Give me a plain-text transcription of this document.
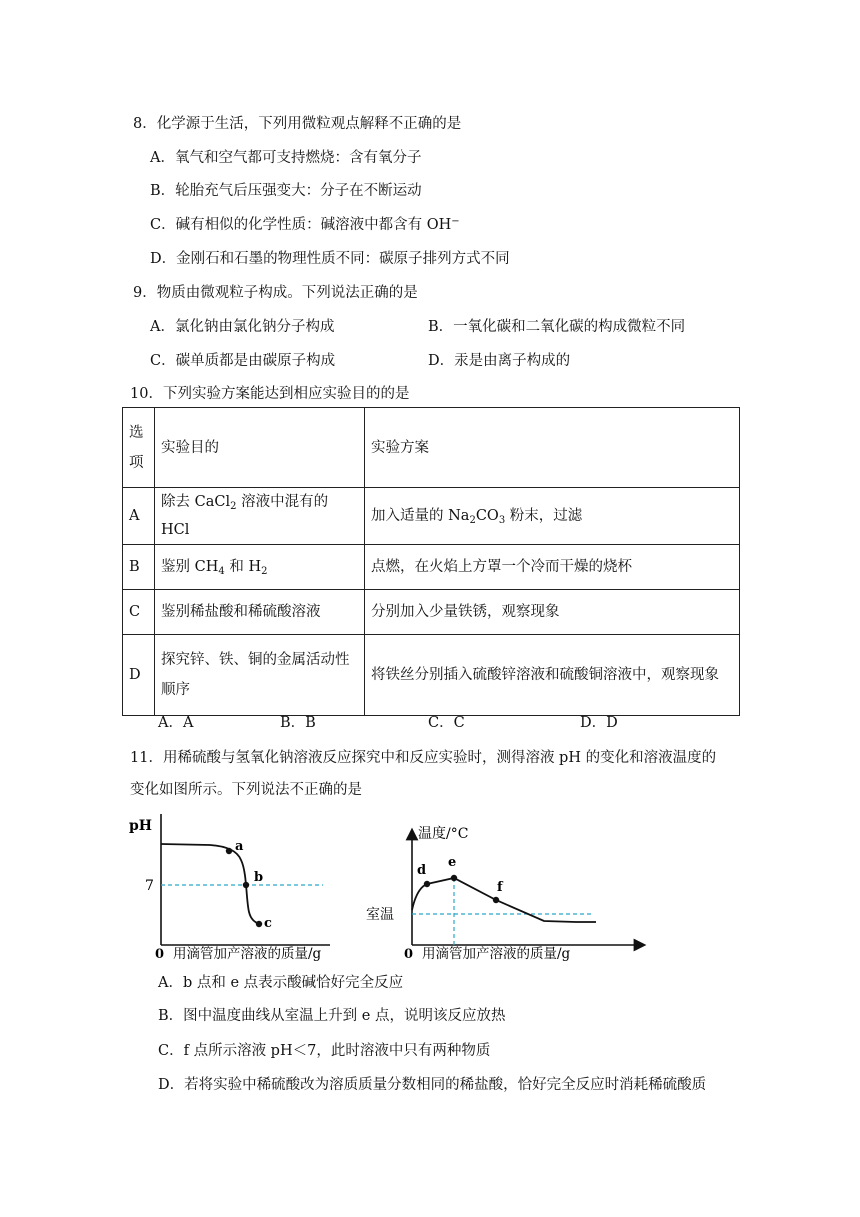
8．化学源于生活，下列用微粒观点解释不正确的是
A．氧气和空气都可支持燃烧：含有氧分子
B．轮胎充气后压强变大：分子在不断运动
C．碱有相似的化学性质：碱溶液中都含有 OH−
D．金刚石和石墨的物理性质不同：碳原子排列方式不同
9．物质由微观粒子构成。下列说法正确的是
A．氯化钠由氯化钠分子构成	B．一氧化碳和二氧化碳的构成微粒不同
C．碳单质都是由碳原子构成	D．汞是由离子构成的
10．下列实验方案能达到相应实验目的的是
选
项	实验目的	实验方案
A	除去 CaCl$_2$ 溶液中混有的 HCl	加入适量的 $Na_2CO_3$ 粉末，过滤
B	鉴别 $CH_4$ 和 $H_2$	点燃，在火焰上方罩一个冷而干燥的烧杯
C	鉴别稀盐酸和稀硫酸溶液	分别加入少量铁锈，观察现象
D	探究锌、铁、铜的金属活动性顺序	将铁丝分别插入硫酸锌溶液和硫酸铜溶液中，观察现象
A．A	B．B	C．C	D．D
11．用稀硫酸与氢氧化钠溶液反应探究中和反应实验时，测得溶液 pH 的变化和溶液温度的
变化如图所示。下列说法不正确的是
pH
7
a
b
c
0 用滴管加产溶液的质量/g
温度/°C
室温
d
e
f
0 用滴管加产溶液的质量/g
A．b 点和 e 点表示酸碱恰好完全反应
B．图中温度曲线从室温上升到 e 点，说明该反应放热
C．f 点所示溶液 pH＜7，此时溶液中只有两种物质
D．若将实验中稀硫酸改为溶质质量分数相同的稀盐酸，恰好完全反应时消耗稀硫酸质
